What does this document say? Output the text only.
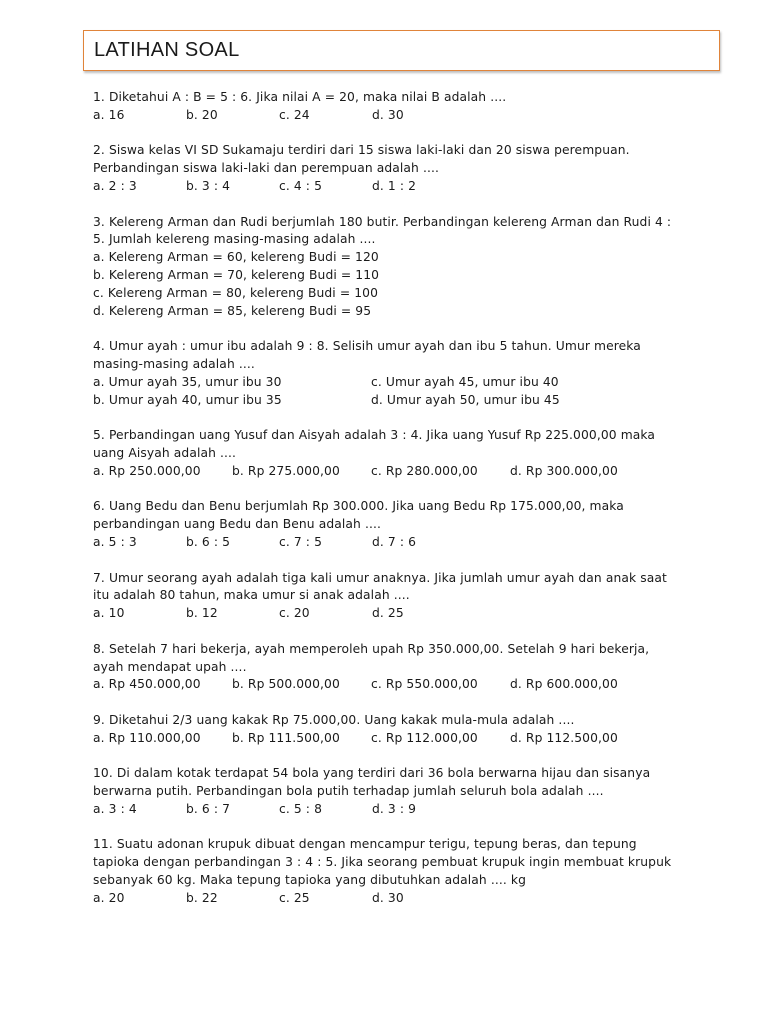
LATIHAN SOAL
1. Diketahui A : B = 5 : 6. Jika nilai A = 20, maka nilai B adalah ....
a. 16	b. 20	c. 24	d. 30
2. Siswa kelas VI SD Sukamaju terdiri dari 15 siswa laki-laki dan 20 siswa perempuan.
Perbandingan siswa laki-laki dan perempuan adalah ....
a. 2 : 3	b. 3 : 4	c. 4 : 5	d. 1 : 2
3. Kelereng Arman dan Rudi berjumlah 180 butir. Perbandingan kelereng Arman dan Rudi 4 :
5. Jumlah kelereng masing-masing adalah ....
a. Kelereng Arman = 60, kelereng Budi = 120
b. Kelereng Arman = 70, kelereng Budi = 110
c. Kelereng Arman = 80, kelereng Budi = 100
d. Kelereng Arman = 85, kelereng Budi = 95
4. Umur ayah : umur ibu adalah 9 : 8. Selisih umur ayah dan ibu 5 tahun. Umur mereka
masing-masing adalah ....
a. Umur ayah 35, umur ibu 30	c. Umur ayah 45, umur ibu 40
b. Umur ayah 40, umur ibu 35	d. Umur ayah 50, umur ibu 45
5. Perbandingan uang Yusuf dan Aisyah adalah 3 : 4. Jika uang Yusuf Rp 225.000,00 maka
uang Aisyah adalah ....
a. Rp 250.000,00	b. Rp 275.000,00	c. Rp 280.000,00	d. Rp 300.000,00
6. Uang Bedu dan Benu berjumlah Rp 300.000. Jika uang Bedu Rp 175.000,00, maka
perbandingan uang Bedu dan Benu adalah ....
a. 5 : 3	b. 6 : 5	c. 7 : 5	d. 7 : 6
7. Umur seorang ayah adalah tiga kali umur anaknya. Jika jumlah umur ayah dan anak saat
itu adalah 80 tahun, maka umur si anak adalah ....
a. 10	b. 12	c. 20	d. 25
8. Setelah 7 hari bekerja, ayah memperoleh upah Rp 350.000,00. Setelah 9 hari bekerja,
ayah mendapat upah ....
a. Rp 450.000,00	b. Rp 500.000,00	c. Rp 550.000,00	d. Rp 600.000,00
9. Diketahui 2/3 uang kakak Rp 75.000,00. Uang kakak mula-mula adalah ....
a. Rp 110.000,00	b. Rp 111.500,00	c. Rp 112.000,00	d. Rp 112.500,00
10. Di dalam kotak terdapat 54 bola yang terdiri dari 36 bola berwarna hijau dan sisanya
berwarna putih. Perbandingan bola putih terhadap jumlah seluruh bola adalah ....
a. 3 : 4	b. 6 : 7	c. 5 : 8	d. 3 : 9
11. Suatu adonan krupuk dibuat dengan mencampur terigu, tepung beras, dan tepung
tapioka dengan perbandingan 3 : 4 : 5. Jika seorang pembuat krupuk ingin membuat krupuk
sebanyak 60 kg. Maka tepung tapioka yang dibutuhkan adalah .... kg
a. 20	b. 22	c. 25	d. 30
